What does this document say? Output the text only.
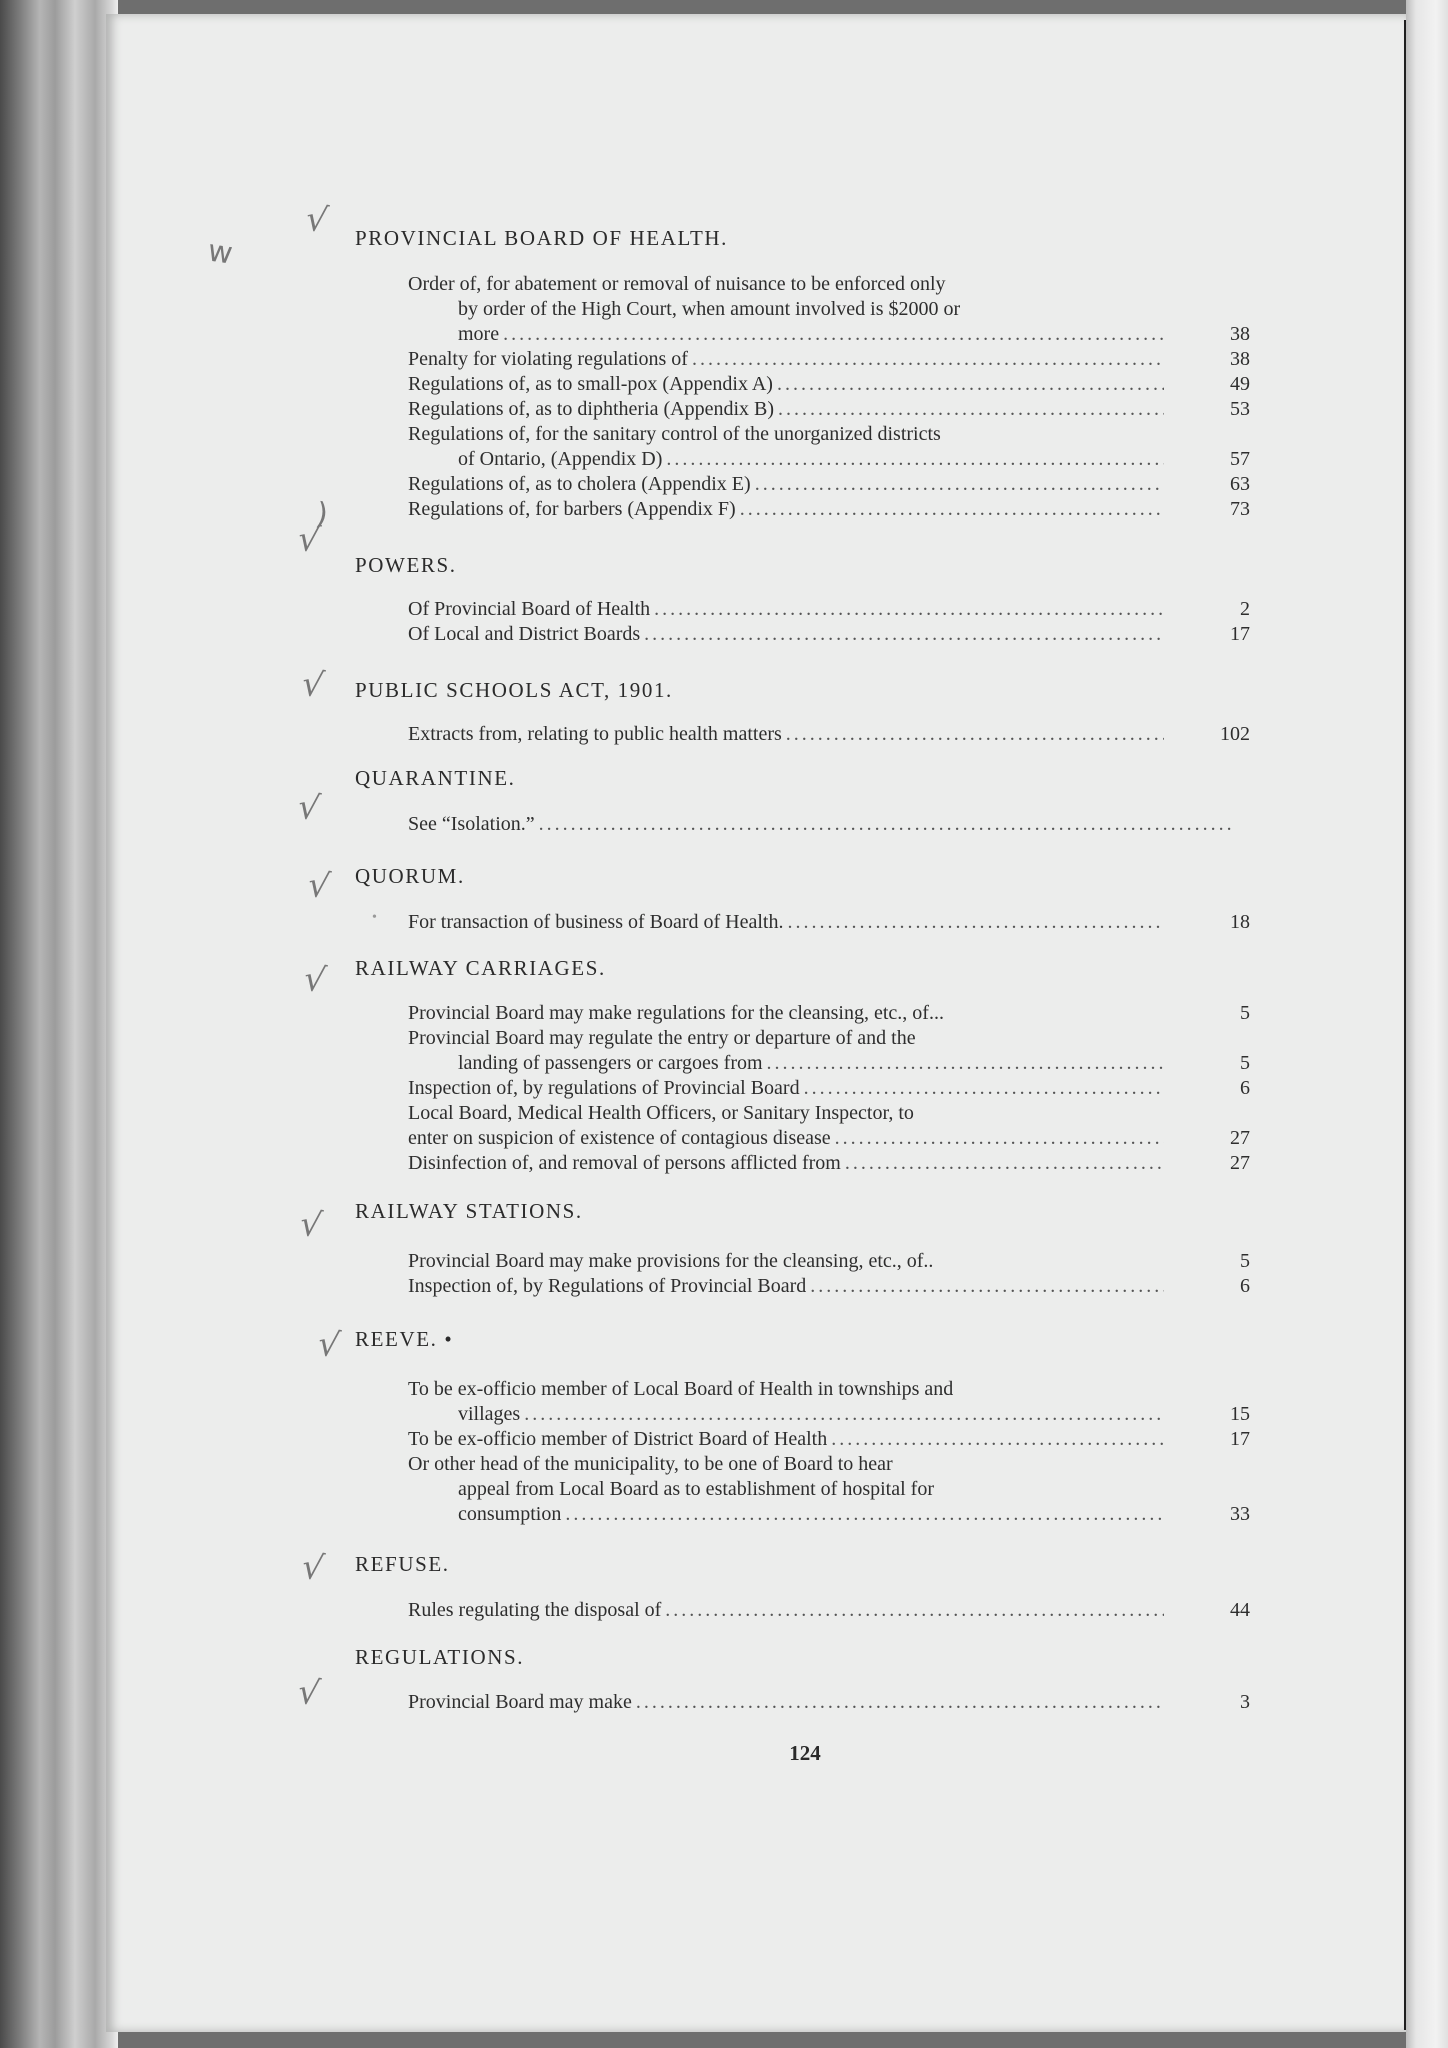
w
√
)
√
√
√
√
√
√
√
√
√
PROVINCIAL BOARD OF HEALTH.
Order of, for abatement or removal of nuisance to be enforced only
by order of the High Court, when amount involved is $2000 or
more .....	38
Penalty for violating regulations of .....	38
Regulations of, as to small-pox (Appendix A) .....	49
Regulations of, as to diphtheria (Appendix B) .....	53
Regulations of, for the sanitary control of the unorganized districts
of Ontario, (Appendix D) .....	57
Regulations of, as to cholera (Appendix E) .....	63
Regulations of, for barbers (Appendix F) .....	73
POWERS.
Of Provincial Board of Health .....	2
Of Local and District Boards .....	17
PUBLIC SCHOOLS ACT, 1901.
Extracts from, relating to public health matters .....	102
QUARANTINE.
See “Isolation.”
.....
QUORUM.
• For transaction of business of Board of Health. .....	18
RAILWAY CARRIAGES.
Provincial Board may make regulations for the cleansing, etc., of...	5
Provincial Board may regulate the entry or departure of and the
landing of passengers or cargoes from .....	5
Inspection of, by regulations of Provincial Board .....	6
Local Board, Medical Health Officers, or Sanitary Inspector, to
enter on suspicion of existence of contagious disease .....	27
Disinfection of, and removal of persons afflicted from .....	27
RAILWAY STATIONS.
Provincial Board may make provisions for the cleansing, etc., of..	5
Inspection of, by Regulations of Provincial Board .....	6
REEVE. •
To be ex-officio member of Local Board of Health in townships and
villages .....	15
To be ex-officio member of District Board of Health .....	17
Or other head of the municipality, to be one of Board to hear
appeal from Local Board as to establishment of hospital for
consumption .....	33
REFUSE.
Rules regulating the disposal of .....	44
REGULATIONS.
Provincial Board may make .....	3
124
